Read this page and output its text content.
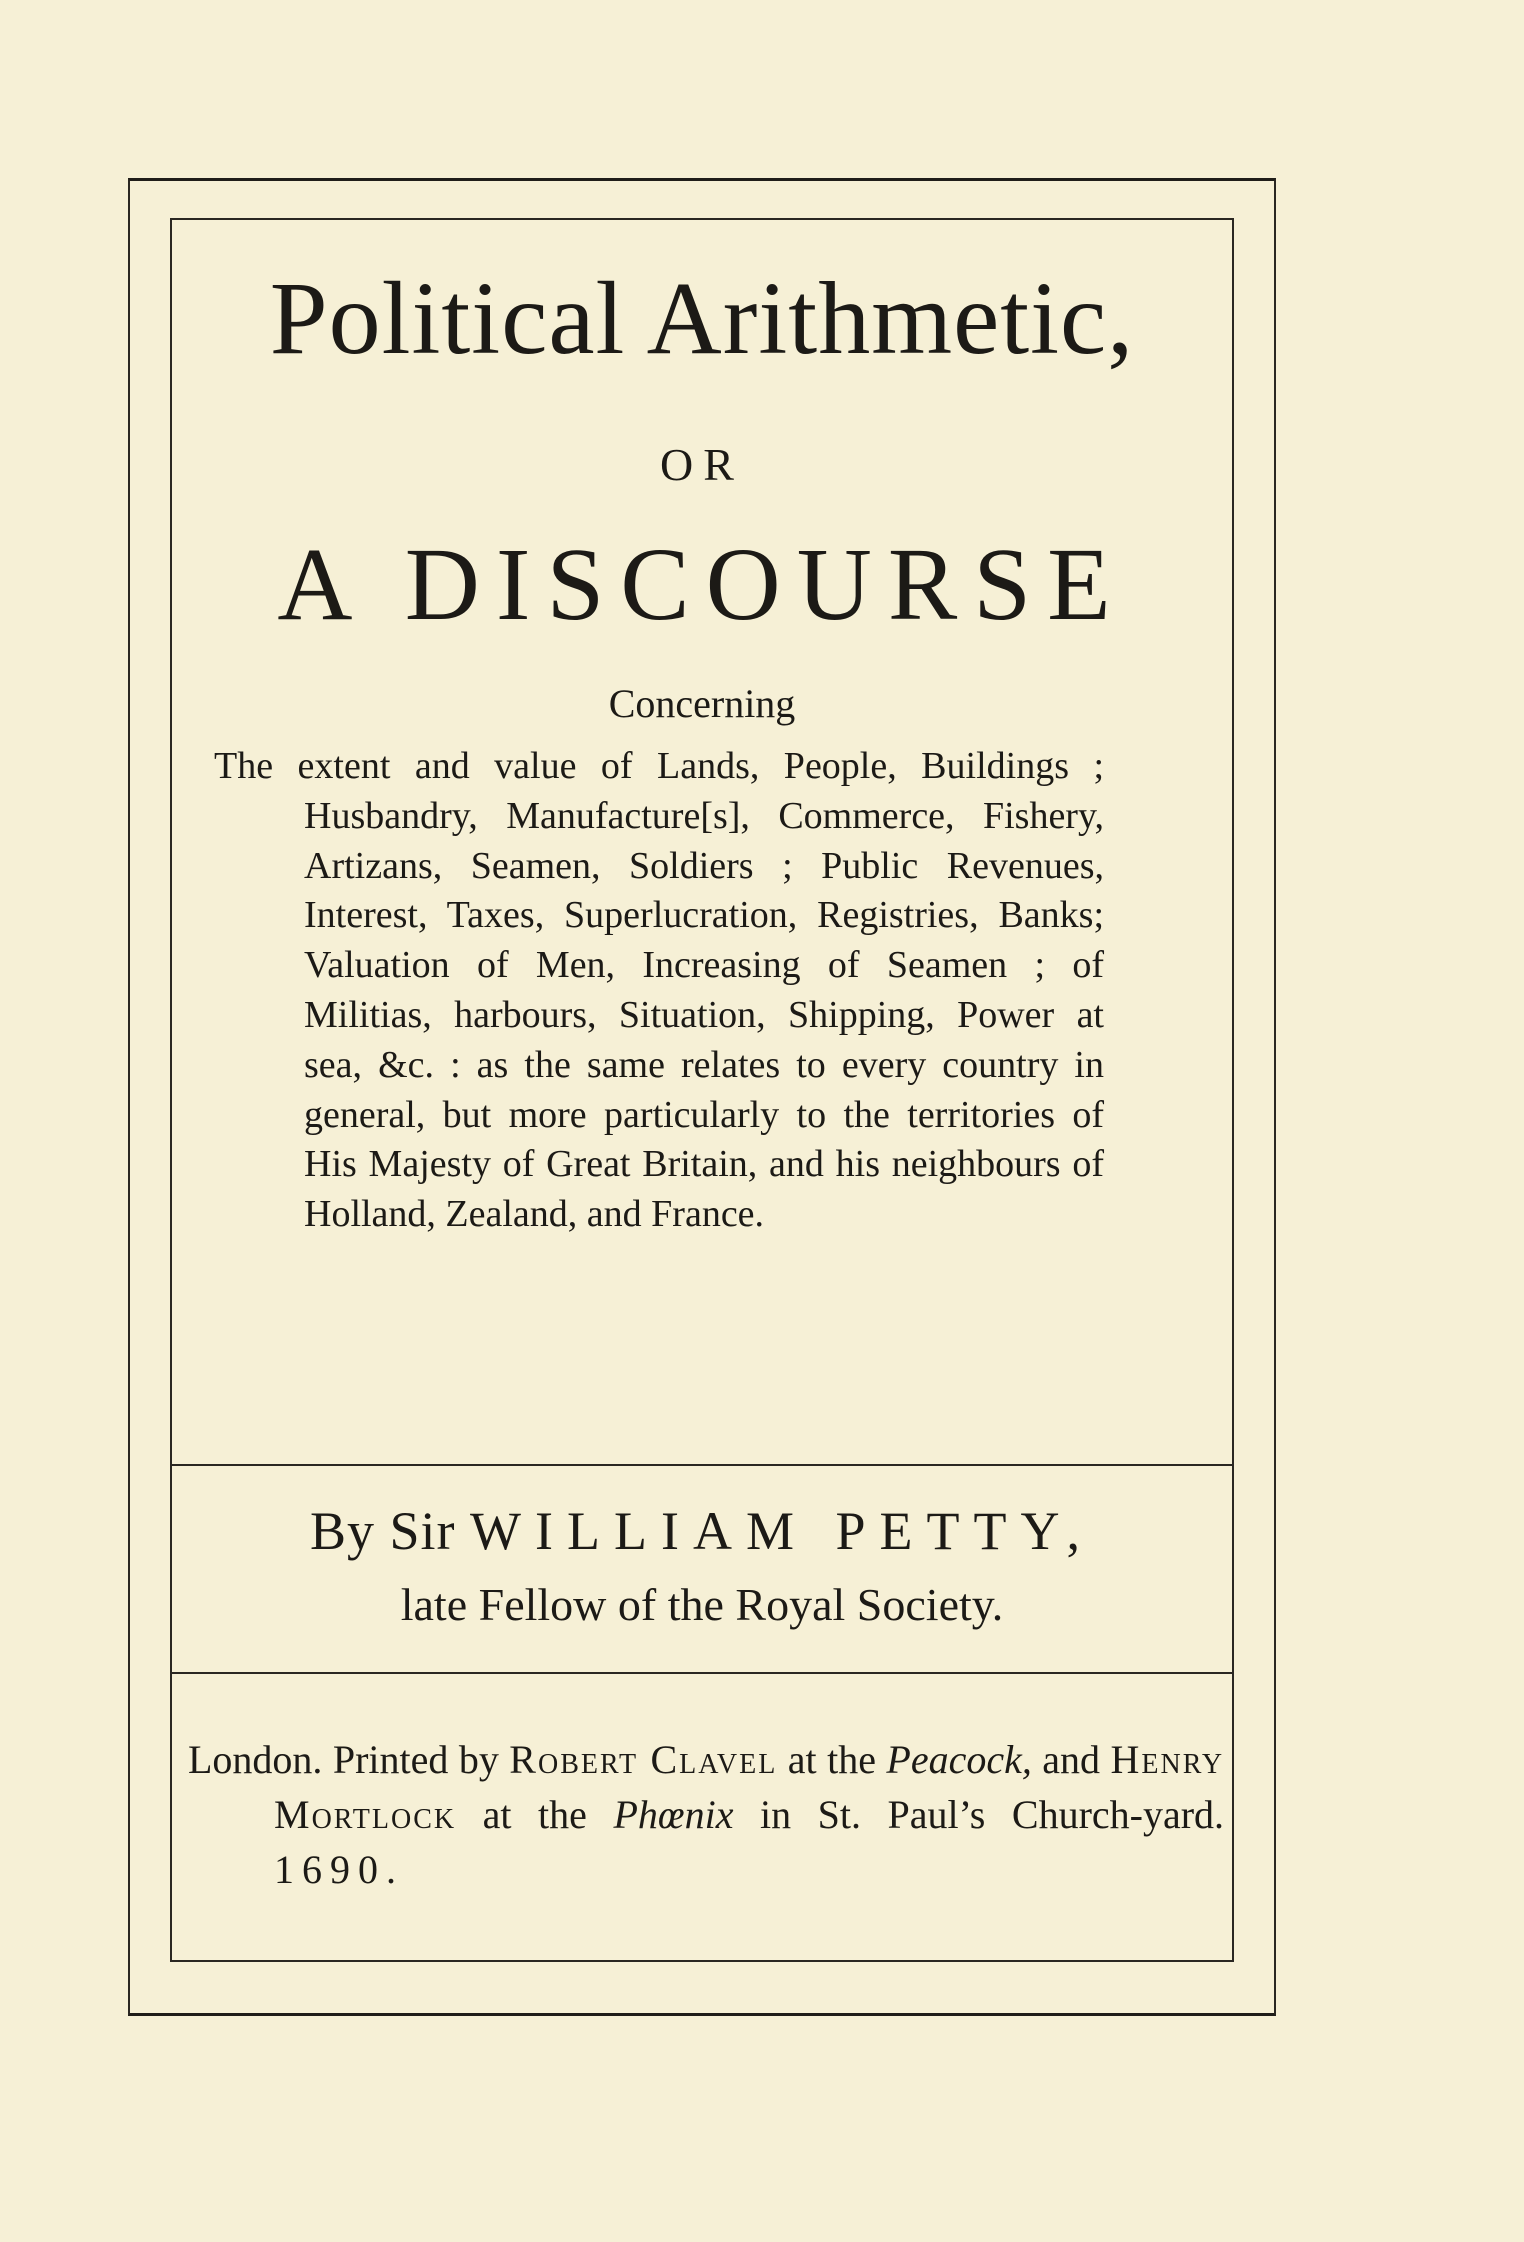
Political Arithmetic,
OR
A DISCOURSE
Concerning
The extent and value of Lands, People, Buildings ; Husbandry, Manufacture[s], Commerce, Fishery, Artizans, Seamen, Soldiers ; Public Revenues, Interest, Taxes, Superlucration, Registries, Banks; Valuation of Men, Increasing of Seamen ; of Militias, harbours, Situation, Shipping, Power at sea, &c. : as the same relates to every country in general, but more particularly to the territories of His Majesty of Great Britain, and his neighbours of Holland, Zealand, and France.
By Sir WILLIAM PETTY,
late Fellow of the Royal Society.
London. Printed by Robert Clavel at the Peacock, and Henry Mortlock at the Phœnix in St. Paul’s Church-yard. 1690.
